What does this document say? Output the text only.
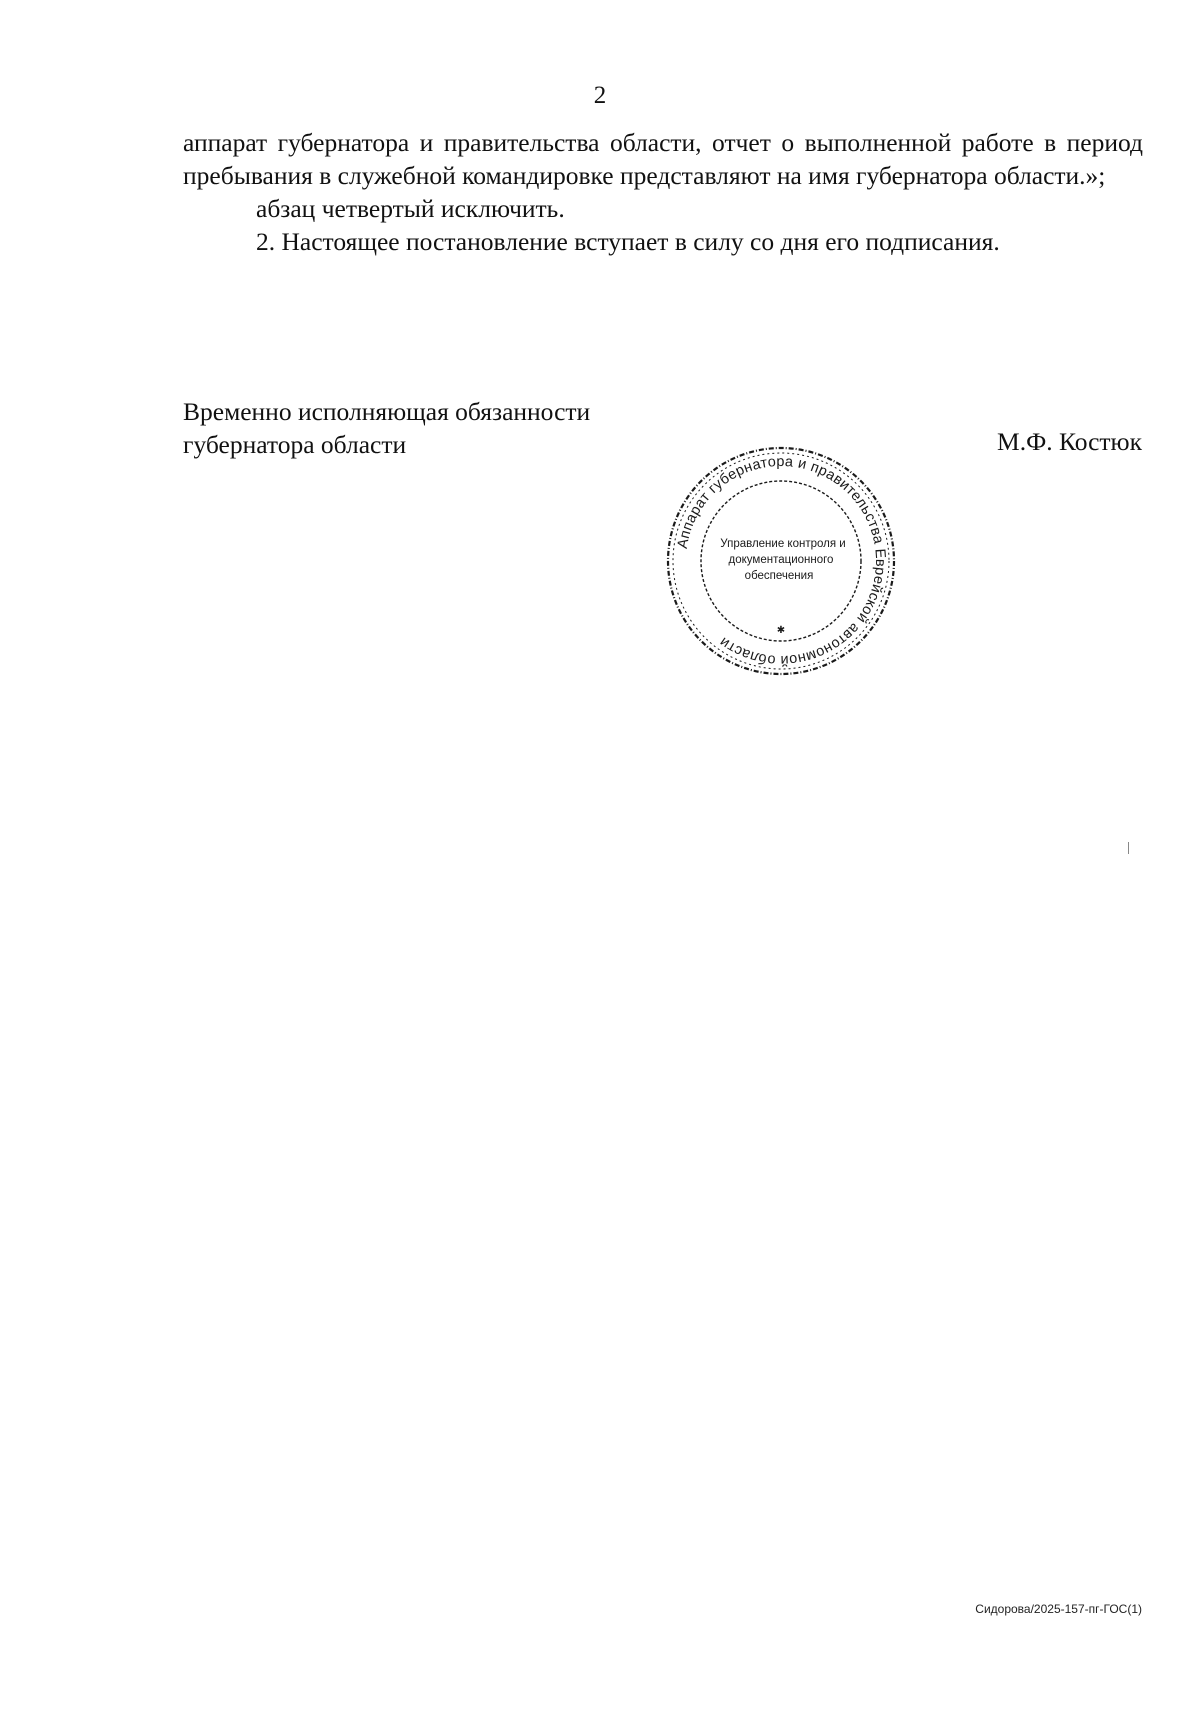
2

аппарат губернатора и правительства области, отчет о выполненной работе в период пребывания в служебной командировке представляют на имя губернатора области.»;

абзац четвертый исключить.

2. Настоящее постановление вступает в силу со дня его подписания.

Временно исполняющая обязанности
губернатора области	М.Ф. Костюк
Аппарат губернатора и правительства Еврейской автономной области
✱
Управление контроля и
документационного
обеспечения
Сидорова/2025-157-пг-ГОС(1)
